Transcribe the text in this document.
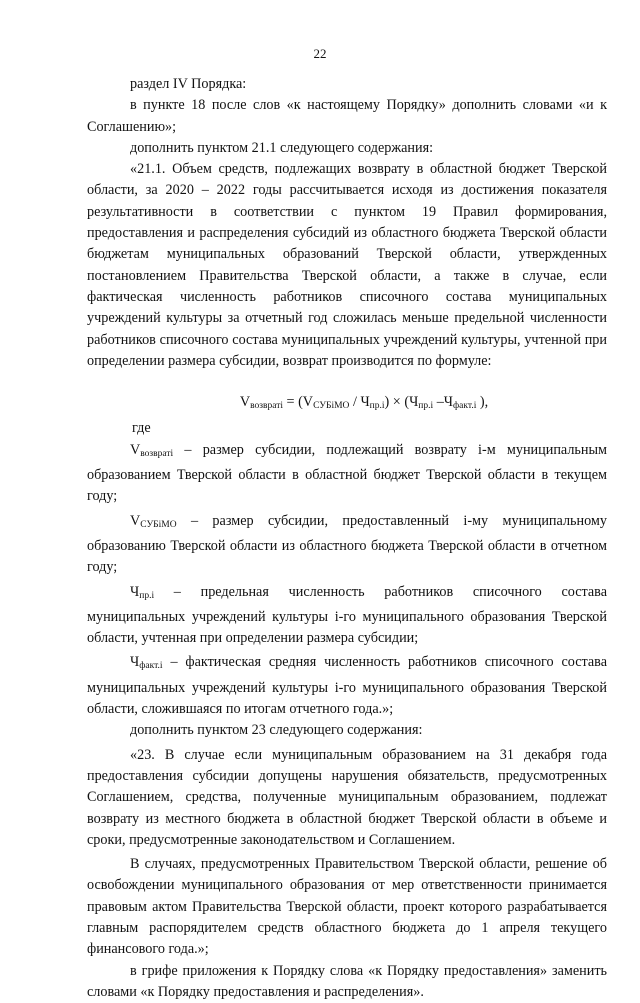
22

раздел IV Порядка:

в пункте 18 после слов «к настоящему Порядку» дополнить словами «и к Соглашению»;

дополнить пунктом 21.1 следующего содержания:

«21.1. Объем средств, подлежащих возврату в областной бюджет Тверской области, за 2020 – 2022 годы рассчитывается исходя из достижения показателя результативности в соответствии с пунктом 19 Правил формирования, предоставления и распределения субсидий из областного бюджета Тверской области бюджетам муниципальных образований Тверской области, утвержденных постановлением Правительства Тверской области, а также в случае, если фактическая численность работников списочного состава муниципальных учреждений культуры за отчетный год сложилась меньше предельной численности работников списочного состава муниципальных учреждений культуры, учтенной при определении размера субсидии, возврат производится по формуле:

$V_{возвратi} = (V_{СУБiМО} / Ч_{пр.i}) \times (Ч_{пр.i}$ $-Ч_{факт.i}$ ),

где

$V_{возвратi}$ – размер субсидии, подлежащий возврату i-м муниципальным образованием Тверской области в областной бюджет Тверской области в текущем году;

$V_{СУБiМО}$ – размер субсидии, предоставленный i-му муниципальному образованию Тверской области из областного бюджета Тверской области в отчетном году;

$Ч_{пр.i}$ – предельная численность работников списочного состава муниципальных учреждений культуры i-го муниципального образования Тверской области, учтенная при определении размера субсидии;

$Ч_{факт.i}$ – фактическая средняя численность работников списочного состава муниципальных учреждений культуры i-го муниципального образования Тверской области, сложившаяся по итогам отчетного года.»;

дополнить пунктом 23 следующего содержания:

«23. В случае если муниципальным образованием на 31 декабря года предоставления субсидии допущены нарушения обязательств, предусмотренных Соглашением, средства, полученные муниципальным образованием, подлежат возврату из местного бюджета в областной бюджет Тверской области в объеме и сроки, предусмотренные законодательством и Соглашением.

В случаях, предусмотренных Правительством Тверской области, решение об освобождении муниципального образования от мер ответственности принимается правовым актом Правительства Тверской области, проект которого разрабатывается главным распорядителем средств областного бюджета до 1 апреля текущего финансового года.»;

в грифе приложения к Порядку слова «к Порядку предоставления» заменить словами «к Порядку предоставления и распределения».
